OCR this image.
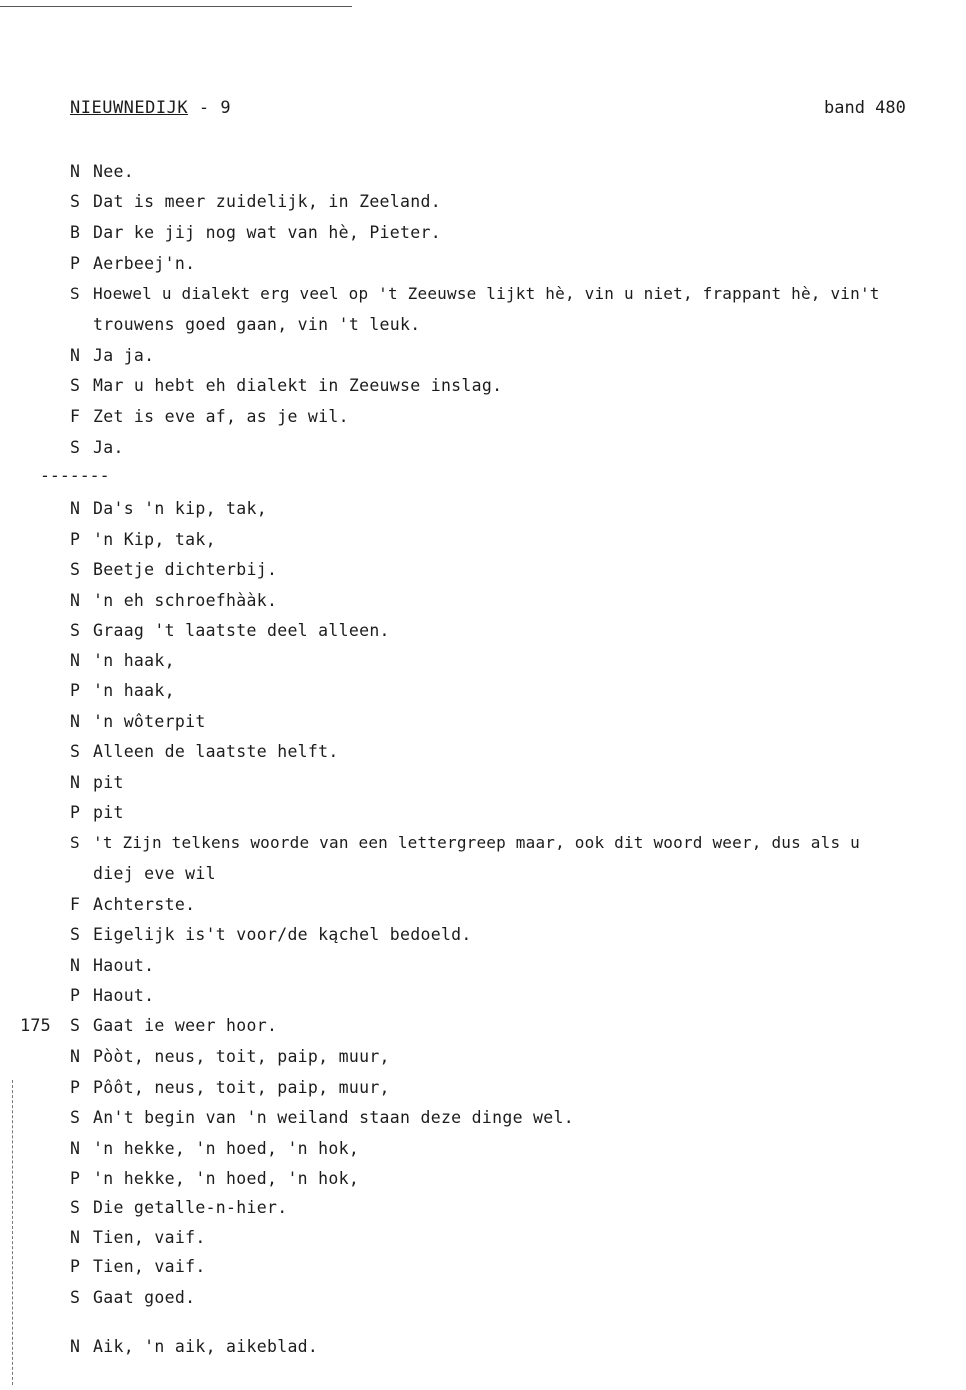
NIEUWNEDIJK - 9	band 480
N Nee.
S Dat is meer zuidelijk, in Zeeland.
B Dar ke jij nog wat van hè, Pieter.
P Aerbeej'n.
S Hoewel u dialekt erg veel op 't Zeeuwse lijkt hè, vin u niet, frappant hè, vin't
trouwens goed gaan, vin 't leuk.
N Ja ja.
S Mar u hebt eh dialekt in Zeeuwse inslag.
F Zet is eve af, as je wil.
S Ja.
-------
N Da's 'n kip, tak,
P 'n Kip, tak,
S Beetje dichterbij.
N 'n eh schroefhààk.
S Graag 't laatste deel alleen.
N 'n haak,
P 'n haak,
N 'n wôterpit
S Alleen de laatste helft.
N pit
P pit
S 't Zijn telkens woorde van een lettergreep maar, ook dit woord weer, dus als u
diej eve wil
F Achterste.
S Eigelijk is't voor/de kąchel bedoeld.
N Haout.
P Haout.
175 S Gaat ie weer hoor.
N Pòòt, neus, toit, paip, muur,
P Pôôt, neus, toit, paip, muur,
S An't begin van 'n weiland staan deze dinge wel.
N 'n hekke, 'n hoed, 'n hok,
P 'n hekke, 'n hoed, 'n hok,
S Die getalle-n-hier.
N Tien, vaif.
P Tien, vaif.
S Gaat goed.
N Aik, 'n aik, aikeblad.
